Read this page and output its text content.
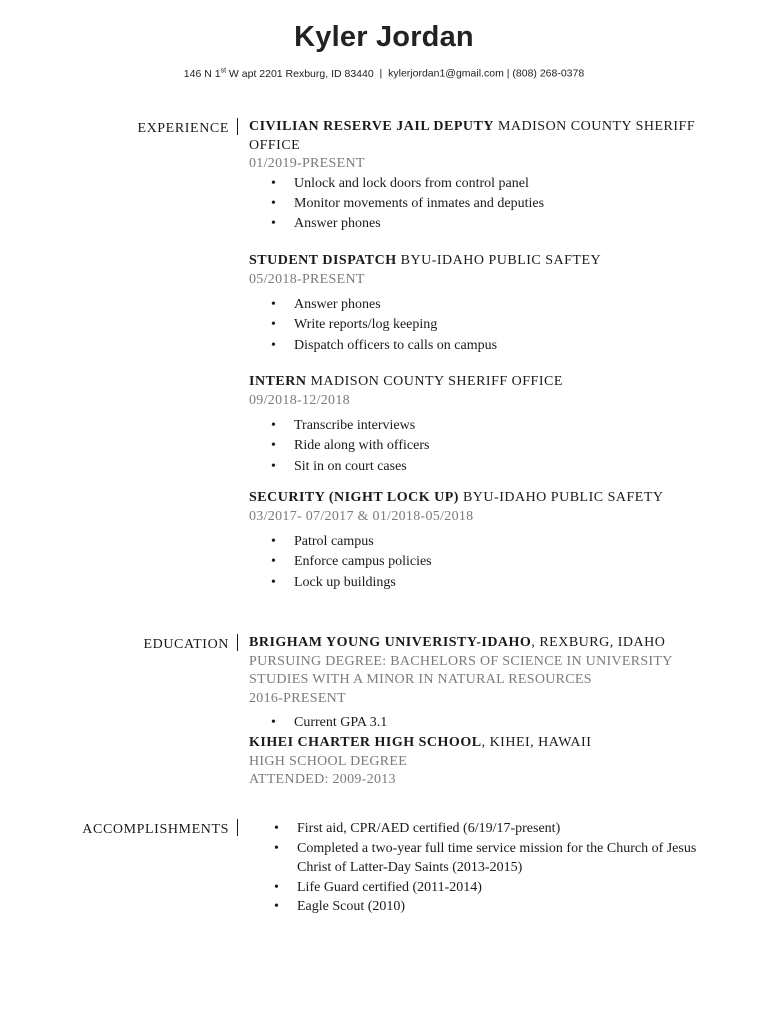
Kyler Jordan
146 N 1st W apt 2201 Rexburg, ID 83440 | kylerjordan1@gmail.com | (808) 268-0378
EXPERIENCE	CIVILIAN RESERVE JAIL DEPUTY MADISON COUNTY SHERIFF OFFICE
01/2019-PRESENT
• Unlock and lock doors from control panel
• Monitor movements of inmates and deputies
• Answer phones
STUDENT DISPATCH BYU-IDAHO PUBLIC SAFTEY
05/2018-PRESENT
• Answer phones
• Write reports/log keeping
• Dispatch officers to calls on campus
INTERN MADISON COUNTY SHERIFF OFFICE
09/2018-12/2018
• Transcribe interviews
• Ride along with officers
• Sit in on court cases
SECURITY (NIGHT LOCK UP) BYU-IDAHO PUBLIC SAFETY
03/2017- 07/2017 & 01/2018-05/2018
• Patrol campus
• Enforce campus policies
• Lock up buildings
EDUCATION	BRIGHAM YOUNG UNIVERISTY-IDAHO, REXBURG, IDAHO
PURSUING DEGREE: BACHELORS OF SCIENCE IN UNIVERSITY
STUDIES WITH A MINOR IN NATURAL RESOURCES
2016-PRESENT
• Current GPA 3.1
KIHEI CHARTER HIGH SCHOOL, KIHEI, HAWAII
HIGH SCHOOL DEGREE
ATTENDED: 2009-2013
ACCOMPLISHMENTS
•	First aid, CPR/AED certified (6/19/17-present)
• Completed a two-year full time service mission for the Church of Jesus Christ of Latter-Day Saints (2013-2015)
• Life Guard certified (2011-2014)
• Eagle Scout (2010)
